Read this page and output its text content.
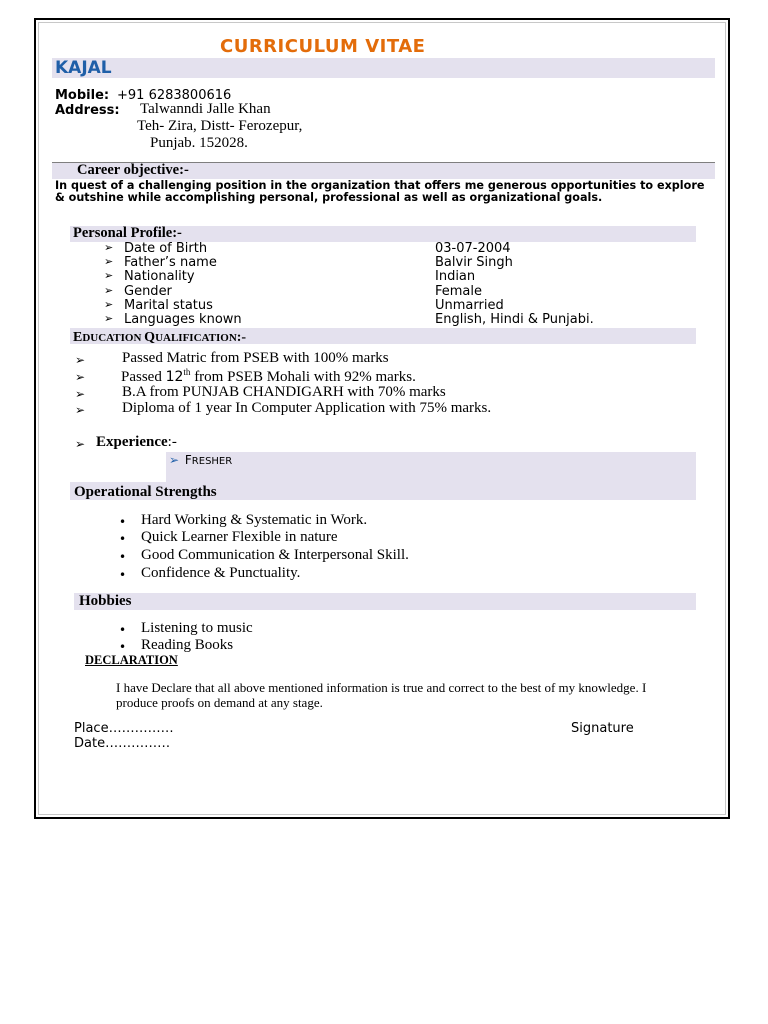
CURRICULUM VITAE
KAJAL
Mobile: +91 6283800616
Address: Talwanndi Jalle Khan
Teh- Zira, Distt- Ferozepur,
Punjab. 152028.
Career objective:-
In quest of a challenging position in the organization that offers me generous opportunities to explore & outshine while accomplishing personal, professional as well as organizational goals.
Personal Profile:-
➢ Date of Birth	03-07-2004
➢ Father’s name	Balvir Singh
➢ Nationality	Indian
➢ Gender	Female
➢ Marital status	Unmarried
➢ Languages known	English, Hindi & Punjabi.
EDUCATION QUALIFICATION:-
➢ Passed Matric from PSEB with 100% marks
➢ Passed 12th from PSEB Mohali with 92% marks.
➢ B.A from PUNJAB CHANDIGARH with 70% marks
➢ Diploma of 1 year In Computer Application with 75% marks.
➢ Experience:-
➢ FRESHER
Operational Strengths
• Hard Working & Systematic in Work.
• Quick Learner Flexible in nature
• Good Communication & Interpersonal Skill.
• Confidence & Punctuality.
Hobbies
• Listening to music
• Reading Books
DECLARATION
I have Declare that all above mentioned information is true and correct to the best of my knowledge. I produce proofs on demand at any stage.
Place……………
Date……………
Signature
